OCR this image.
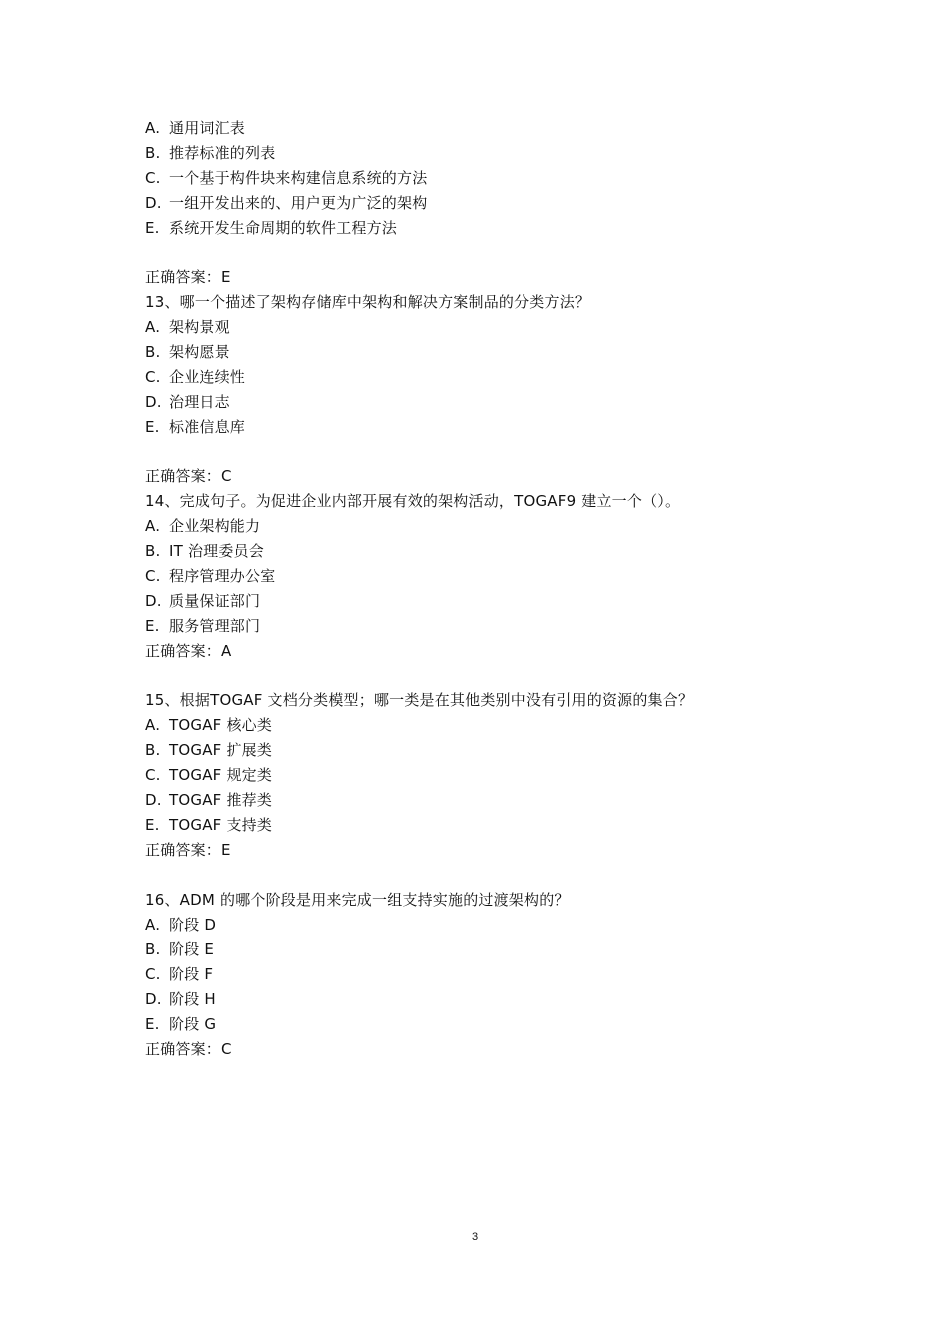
A. 通用词汇表
B. 推荐标准的列表
C. 一个基于构件块来构建信息系统的方法
D. 一组开发出来的、用户更为广泛的架构
E. 系统开发生命周期的软件工程方法
正确答案：E
13、哪一个描述了架构存储库中架构和解决方案制品的分类方法？
A. 架构景观
B. 架构愿景
C. 企业连续性
D. 治理日志
E. 标准信息库
正确答案：C
14、完成句子。为促进企业内部开展有效的架构活动，TOGAF9 建立一个（）。
A. 企业架构能力
B. IT 治理委员会
C. 程序管理办公室
D. 质量保证部门
E. 服务管理部门
正确答案：A
15、根据TOGAF 文档分类模型；哪一类是在其他类别中没有引用的资源的集合？
A. TOGAF 核心类
B. TOGAF 扩展类
C. TOGAF 规定类
D. TOGAF 推荐类
E. TOGAF 支持类
正确答案：E
16、ADM 的哪个阶段是用来完成一组支持实施的过渡架构的？
A. 阶段 D
B. 阶段 E
C. 阶段 F
D. 阶段 H
E. 阶段 G
正确答案：C
3
